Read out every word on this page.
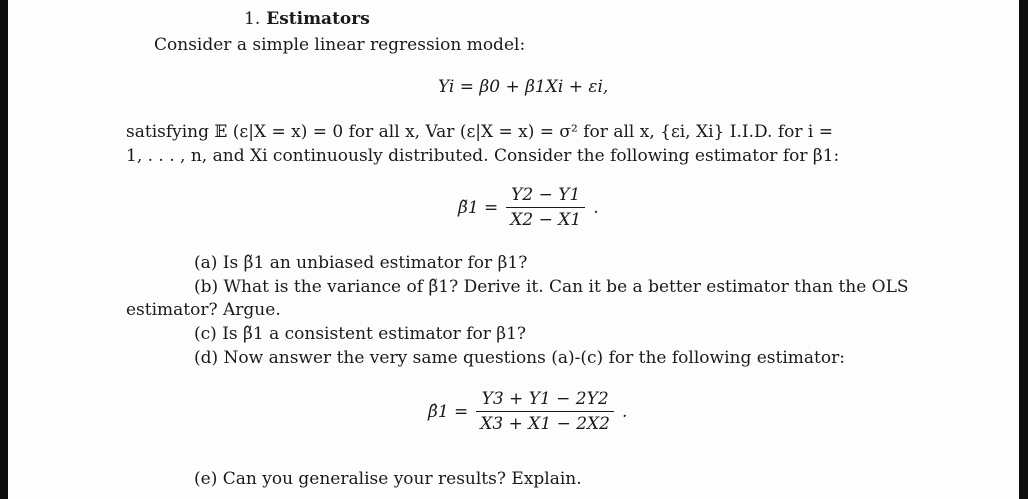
1. Estimators
Consider a simple linear regression model:
Yi = β0 + β1Xi + εi,
satisfying 𝔼 (ε|X = x) = 0 for all x, Var (ε|X = x) = σ² for all x, {εi, Xi} I.I.D. for i =
1, . . . , n, and Xi continuously distributed. Consider the following estimator for β1:
β̃1 = $\frac{Y2 - Y1}{X2 - X1}$ .
(a) Is β̃1 an unbiased estimator for β1?
(b) What is the variance of β̃1? Derive it. Can it be a better estimator than the OLS
estimator? Argue.
(c) Is β̃1 a consistent estimator for β1?
(d) Now answer the very same questions (a)-(c) for the following estimator:
β̂1 = $\frac{Y3 + Y1 - 2Y2}{X3 + X1 - 2X2}$ .
(e) Can you generalise your results? Explain.
